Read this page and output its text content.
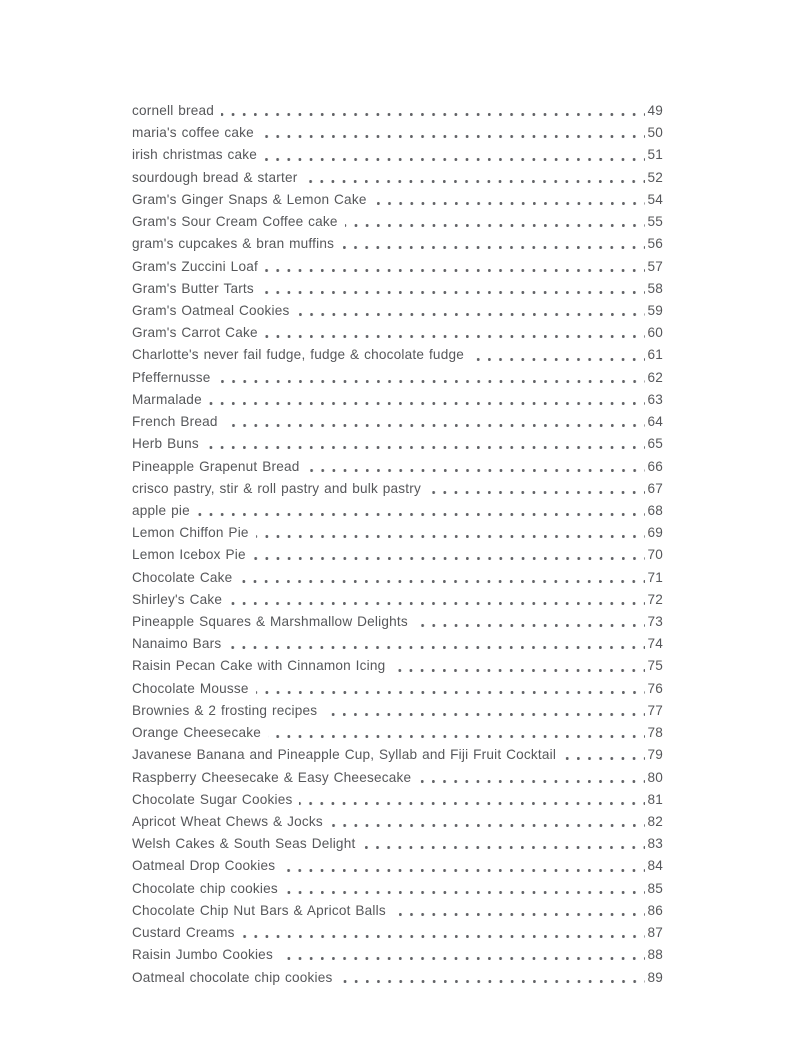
cornell bread	49
maria's coffee cake	50
irish christmas cake	51
sourdough bread & starter	52
Gram's Ginger Snaps & Lemon Cake	54
Gram's Sour Cream Coffee cake	55
gram's cupcakes & bran muffins	56
Gram's Zuccini Loaf	57
Gram's Butter Tarts	58
Gram's Oatmeal Cookies	59
Gram's Carrot Cake	60
Charlotte's never fail fudge, fudge & chocolate fudge	61
Pfeffernusse	62
Marmalade	63
French Bread	64
Herb Buns	65
Pineapple Grapenut Bread	66
crisco pastry, stir & roll pastry and bulk pastry	67
apple pie	68
Lemon Chiffon Pie	69
Lemon Icebox Pie	70
Chocolate Cake	71
Shirley's Cake	72
Pineapple Squares & Marshmallow Delights	73
Nanaimo Bars	74
Raisin Pecan Cake with Cinnamon Icing	75
Chocolate Mousse	76
Brownies & 2 frosting recipes	77
Orange Cheesecake	78
Javanese Banana and Pineapple Cup, Syllab and Fiji Fruit Cocktail	79
Raspberry Cheesecake & Easy Cheesecake	80
Chocolate Sugar Cookies	81
Apricot Wheat Chews & Jocks	82
Welsh Cakes & South Seas Delight	83
Oatmeal Drop Cookies	84
Chocolate chip cookies	85
Chocolate Chip Nut Bars & Apricot Balls	86
Custard Creams	87
Raisin Jumbo Cookies	88
Oatmeal chocolate chip cookies	89
